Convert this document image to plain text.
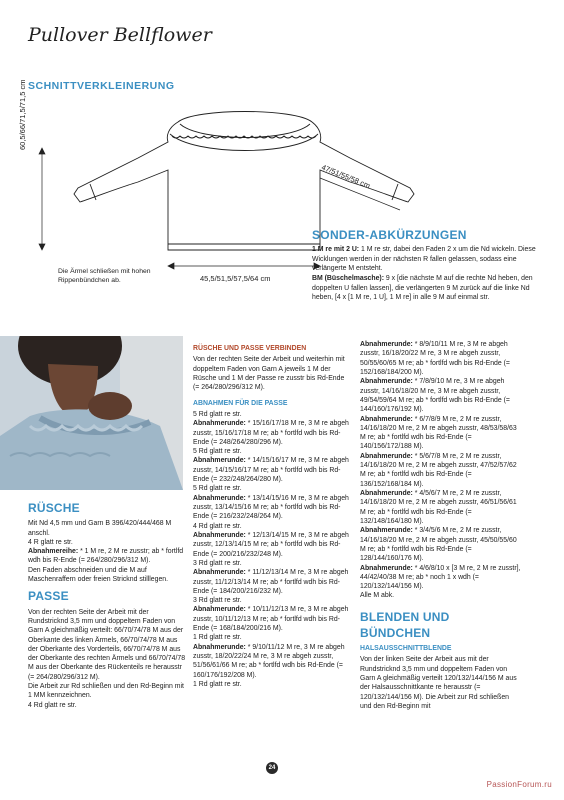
Pullover Bellflower
SCHNITTVERKLEINERUNG
60,5/66/71,5/71,5 cm
45,5/51,5/57,5/64 cm
47/51/55/58 cm
Die Ärmel schließen mit hohen Rippenbündchen ab.
SONDER-ABKÜRZUNGEN

1 M re mit 2 U: 1 M re str, dabei den Faden 2 x um die Nd wickeln. Diese Wicklungen werden in der nächsten R fallen gelassen, sodass eine verlängerte M entsteht.

BM (Büschelmasche): 9 x [die nächste M auf die rechte Nd heben, den doppelten U fallen lassen], die verlängerten 9 M zurück auf die linke Nd heben, [4 x [1 M re, 1 U], 1 M re] in alle 9 M auf einmal str.

RÜSCHE

Mit Nd 4,5 mm und Garn B 396/420/444/468 M anschl.

4 R glatt re str.

Abnahmereihe: * 1 M re, 2 M re zusstr; ab * fortlfd wdh bis R-Ende (= 264/280/296/312 M).

Den Faden abschneiden und die M auf Maschenraffern oder freien Stricknd stilllegen.

PASSE

Von der rechten Seite der Arbeit mit der Rundstricknd 3,5 mm und doppeltem Faden von Garn A gleichmäßig verteilt: 66/70/74/78 M aus der Oberkante des linken Ärmels, 66/70/74/78 M aus der Oberkante des Vorderteils, 66/70/74/78 M aus der Oberkante des rechten Ärmels und 66/70/74/78 M aus der Oberkante des Rückenteils re herausstr (= 264/280/296/312 M).

Die Arbeit zur Rd schließen und den Rd-Beginn mit 1 MM kennzeichnen.

4 Rd glatt re str.

RÜSCHE UND PASSE VERBINDEN

Von der rechten Seite der Arbeit und weiterhin mit doppeltem Faden von Garn A jeweils 1 M der Rüsche und 1 M der Passe re zusstr bis Rd-Ende (= 264/280/296/312 M).

ABNAHMEN FÜR DIE PASSE

5 Rd glatt re str.

Abnahmerunde: * 15/16/17/18 M re, 3 M re abgeh zusstr, 15/16/17/18 M re; ab * fortlfd wdh bis Rd-Ende (= 248/264/280/296 M).

5 Rd glatt re str.

Abnahmerunde: * 14/15/16/17 M re, 3 M re abgeh zusstr, 14/15/16/17 M re; ab * fortlfd wdh bis Rd-Ende (= 232/248/264/280 M).

5 Rd glatt re str.

Abnahmerunde: * 13/14/15/16 M re, 3 M re abgeh zusstr, 13/14/15/16 M re; ab * fortlfd wdh bis Rd-Ende (= 216/232/248/264 M).

4 Rd glatt re str.

Abnahmerunde: * 12/13/14/15 M re, 3 M re abgeh zusstr, 12/13/14/15 M re; ab * fortlfd wdh bis Rd-Ende (= 200/216/232/248 M).

3 Rd glatt re str.

Abnahmerunde: * 11/12/13/14 M re, 3 M re abgeh zusstr, 11/12/13/14 M re; ab * fortlfd wdh bis Rd-Ende (= 184/200/216/232 M).

3 Rd glatt re str.

Abnahmerunde: * 10/11/12/13 M re, 3 M re abgeh zusstr, 10/11/12/13 M re; ab * fortlfd wdh bis Rd-Ende (= 168/184/200/216 M).

1 Rd glatt re str.

Abnahmerunde: * 9/10/11/12 M re, 3 M re abgeh zusstr, 18/20/22/24 M re, 3 M re abgeh zusstr, 51/56/61/66 M re; ab * fortlfd wdh bis Rd-Ende (= 160/176/192/208 M).

1 Rd glatt re str.

Abnahmerunde: * 8/9/10/11 M re, 3 M re abgeh zusstr, 16/18/20/22 M re, 3 M re abgeh zusstr, 50/55/60/65 M re; ab * fortlfd wdh bis Rd-Ende (= 152/168/184/200 M).

Abnahmerunde: * 7/8/9/10 M re, 3 M re abgeh zusstr, 14/16/18/20 M re, 3 M re abgeh zusstr, 49/54/59/64 M re; ab * fortlfd wdh bis Rd-Ende (= 144/160/176/192 M).

Abnahmerunde: * 6/7/8/9 M re, 2 M re zusstr, 14/16/18/20 M re, 2 M re abgeh zusstr, 48/53/58/63 M re; ab * fortlfd wdh bis Rd-Ende (= 140/156/172/188 M).

Abnahmerunde: * 5/6/7/8 M re, 2 M re zusstr, 14/16/18/20 M re, 2 M re abgeh zusstr, 47/52/57/62 M re; ab * fortlfd wdh bis Rd-Ende (= 136/152/168/184 M).

Abnahmerunde: * 4/5/6/7 M re, 2 M re zusstr, 14/16/18/20 M re, 2 M re abgeh zusstr, 46/51/56/61 M re; ab * fortlfd wdh bis Rd-Ende (= 132/148/164/180 M).

Abnahmerunde: * 3/4/5/6 M re, 2 M re zusstr, 14/16/18/20 M re, 2 M re abgeh zusstr, 45/50/55/60 M re; ab * fortlfd wdh bis Rd-Ende (= 128/144/160/176 M).

Abnahmerunde: * 4/6/8/10 x [3 M re, 2 M re zusstr], 44/42/40/38 M re; ab * noch 1 x wdh (= 120/132/144/156 M).

Alle M abk.

BLENDEN UND BÜNDCHEN
HALSAUSSCHNITTBLENDE

Von der linken Seite der Arbeit aus mit der Rundstricknd 3,5 mm und doppeltem Faden von Garn A gleichmäßig verteilt 120/132/144/156 M aus der Halsausschnittkante re herausstr (= 120/132/144/156 M). Die Arbeit zur Rd schließen und den Rd-Beginn mit

24
PassionForum.ru
